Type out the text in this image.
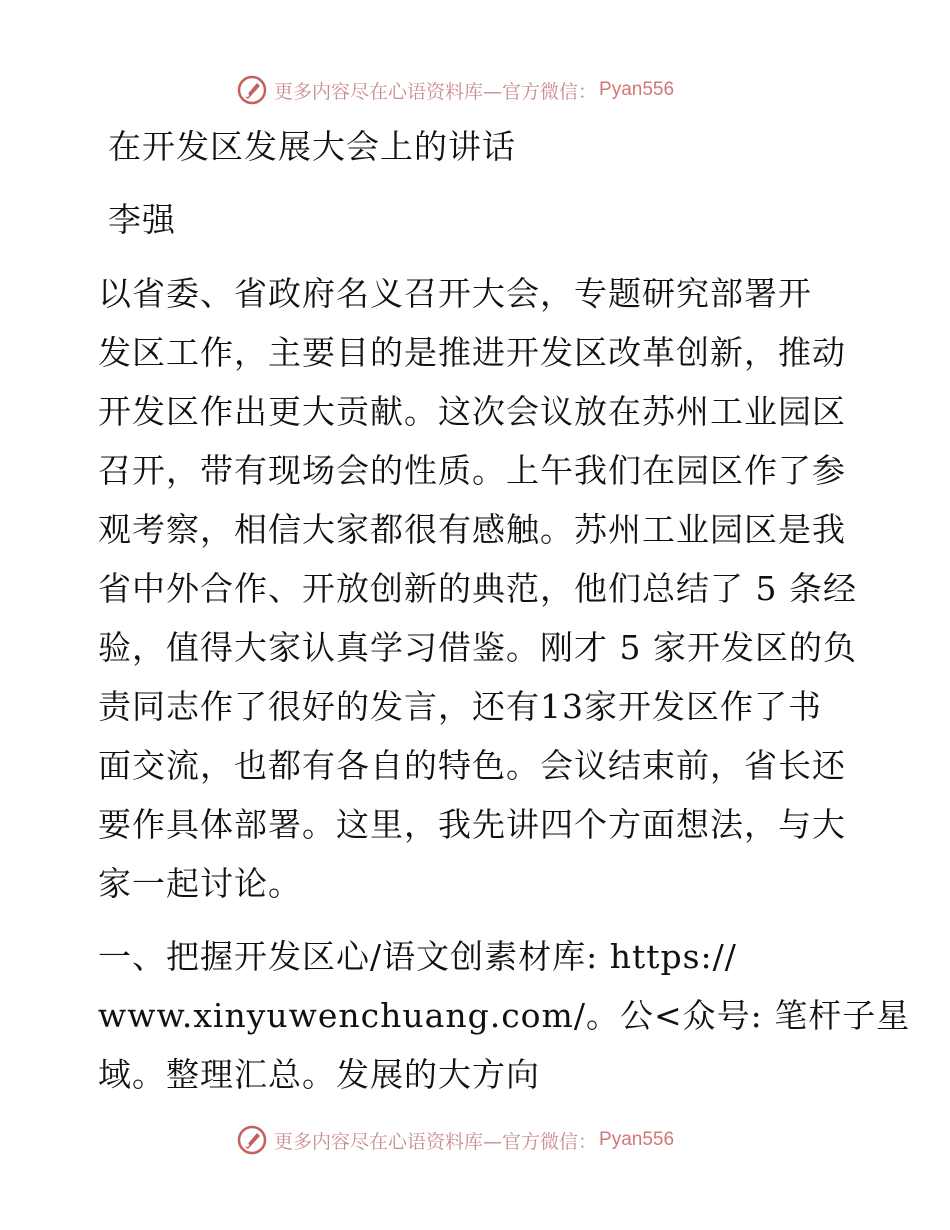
更多内容尽在心语资料库—官方微信： Pyan556
在开发区发展大会上的讲话
李强
以省委、省政府名义召开大会，专题研究部署开
发区工作，主要目的是推进开发区改革创新，推动
开发区作出更大贡献。这次会议放在苏州工业园区
召开，带有现场会的性质。上午我们在园区作了参
观考察，相信大家都很有感触。苏州工业园区是我
省中外合作、开放创新的典范，他们总结了 5 条经
验，值得大家认真学习借鉴。刚才 5 家开发区的负
责同志作了很好的发言，还有13家开发区作了书
面交流，也都有各自的特色。会议结束前，省长还
要作具体部署。这里，我先讲四个方面想法，与大
家一起讨论。
一、把握开发区心/语文创素材库: https://
www.xinyuwenchuang.com/。公<众号: 笔杆子星
域。整理汇总。发展的大方向
更多内容尽在心语资料库—官方微信： Pyan556
